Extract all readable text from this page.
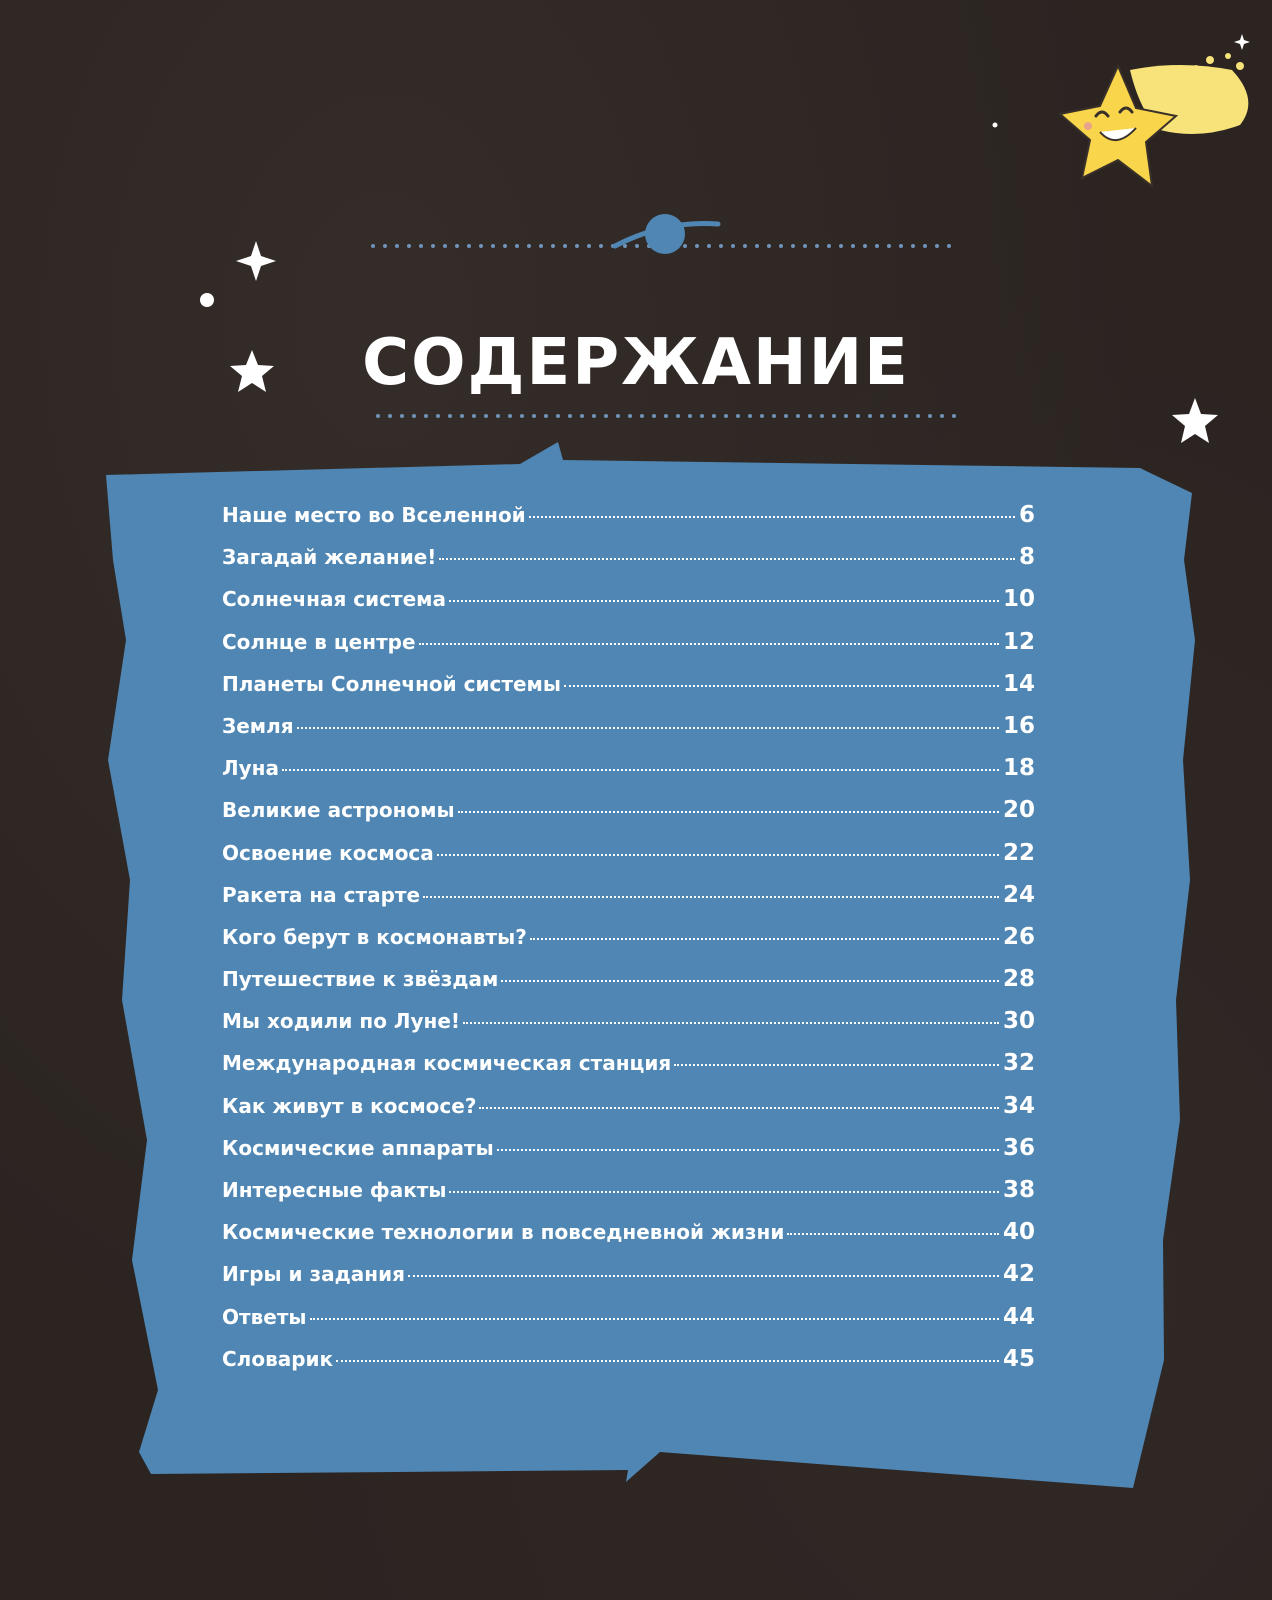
СОДЕРЖАНИЕ
Наше место во Вселенной	6
Загадай желание!	8
Солнечная система	10
Солнце в центре	12
Планеты Солнечной системы	14
Земля	16
Луна	18
Великие астрономы	20
Освоение космоса	22
Ракета на старте	24
Кого берут в космонавты?	26
Путешествие к звёздам	28
Мы ходили по Луне!	30
Международная космическая станция	32
Как живут в космосе?	34
Космические аппараты	36
Интересные факты	38
Космические технологии в повседневной жизни	40
Игры и задания	42
Ответы	44
Словарик	45
